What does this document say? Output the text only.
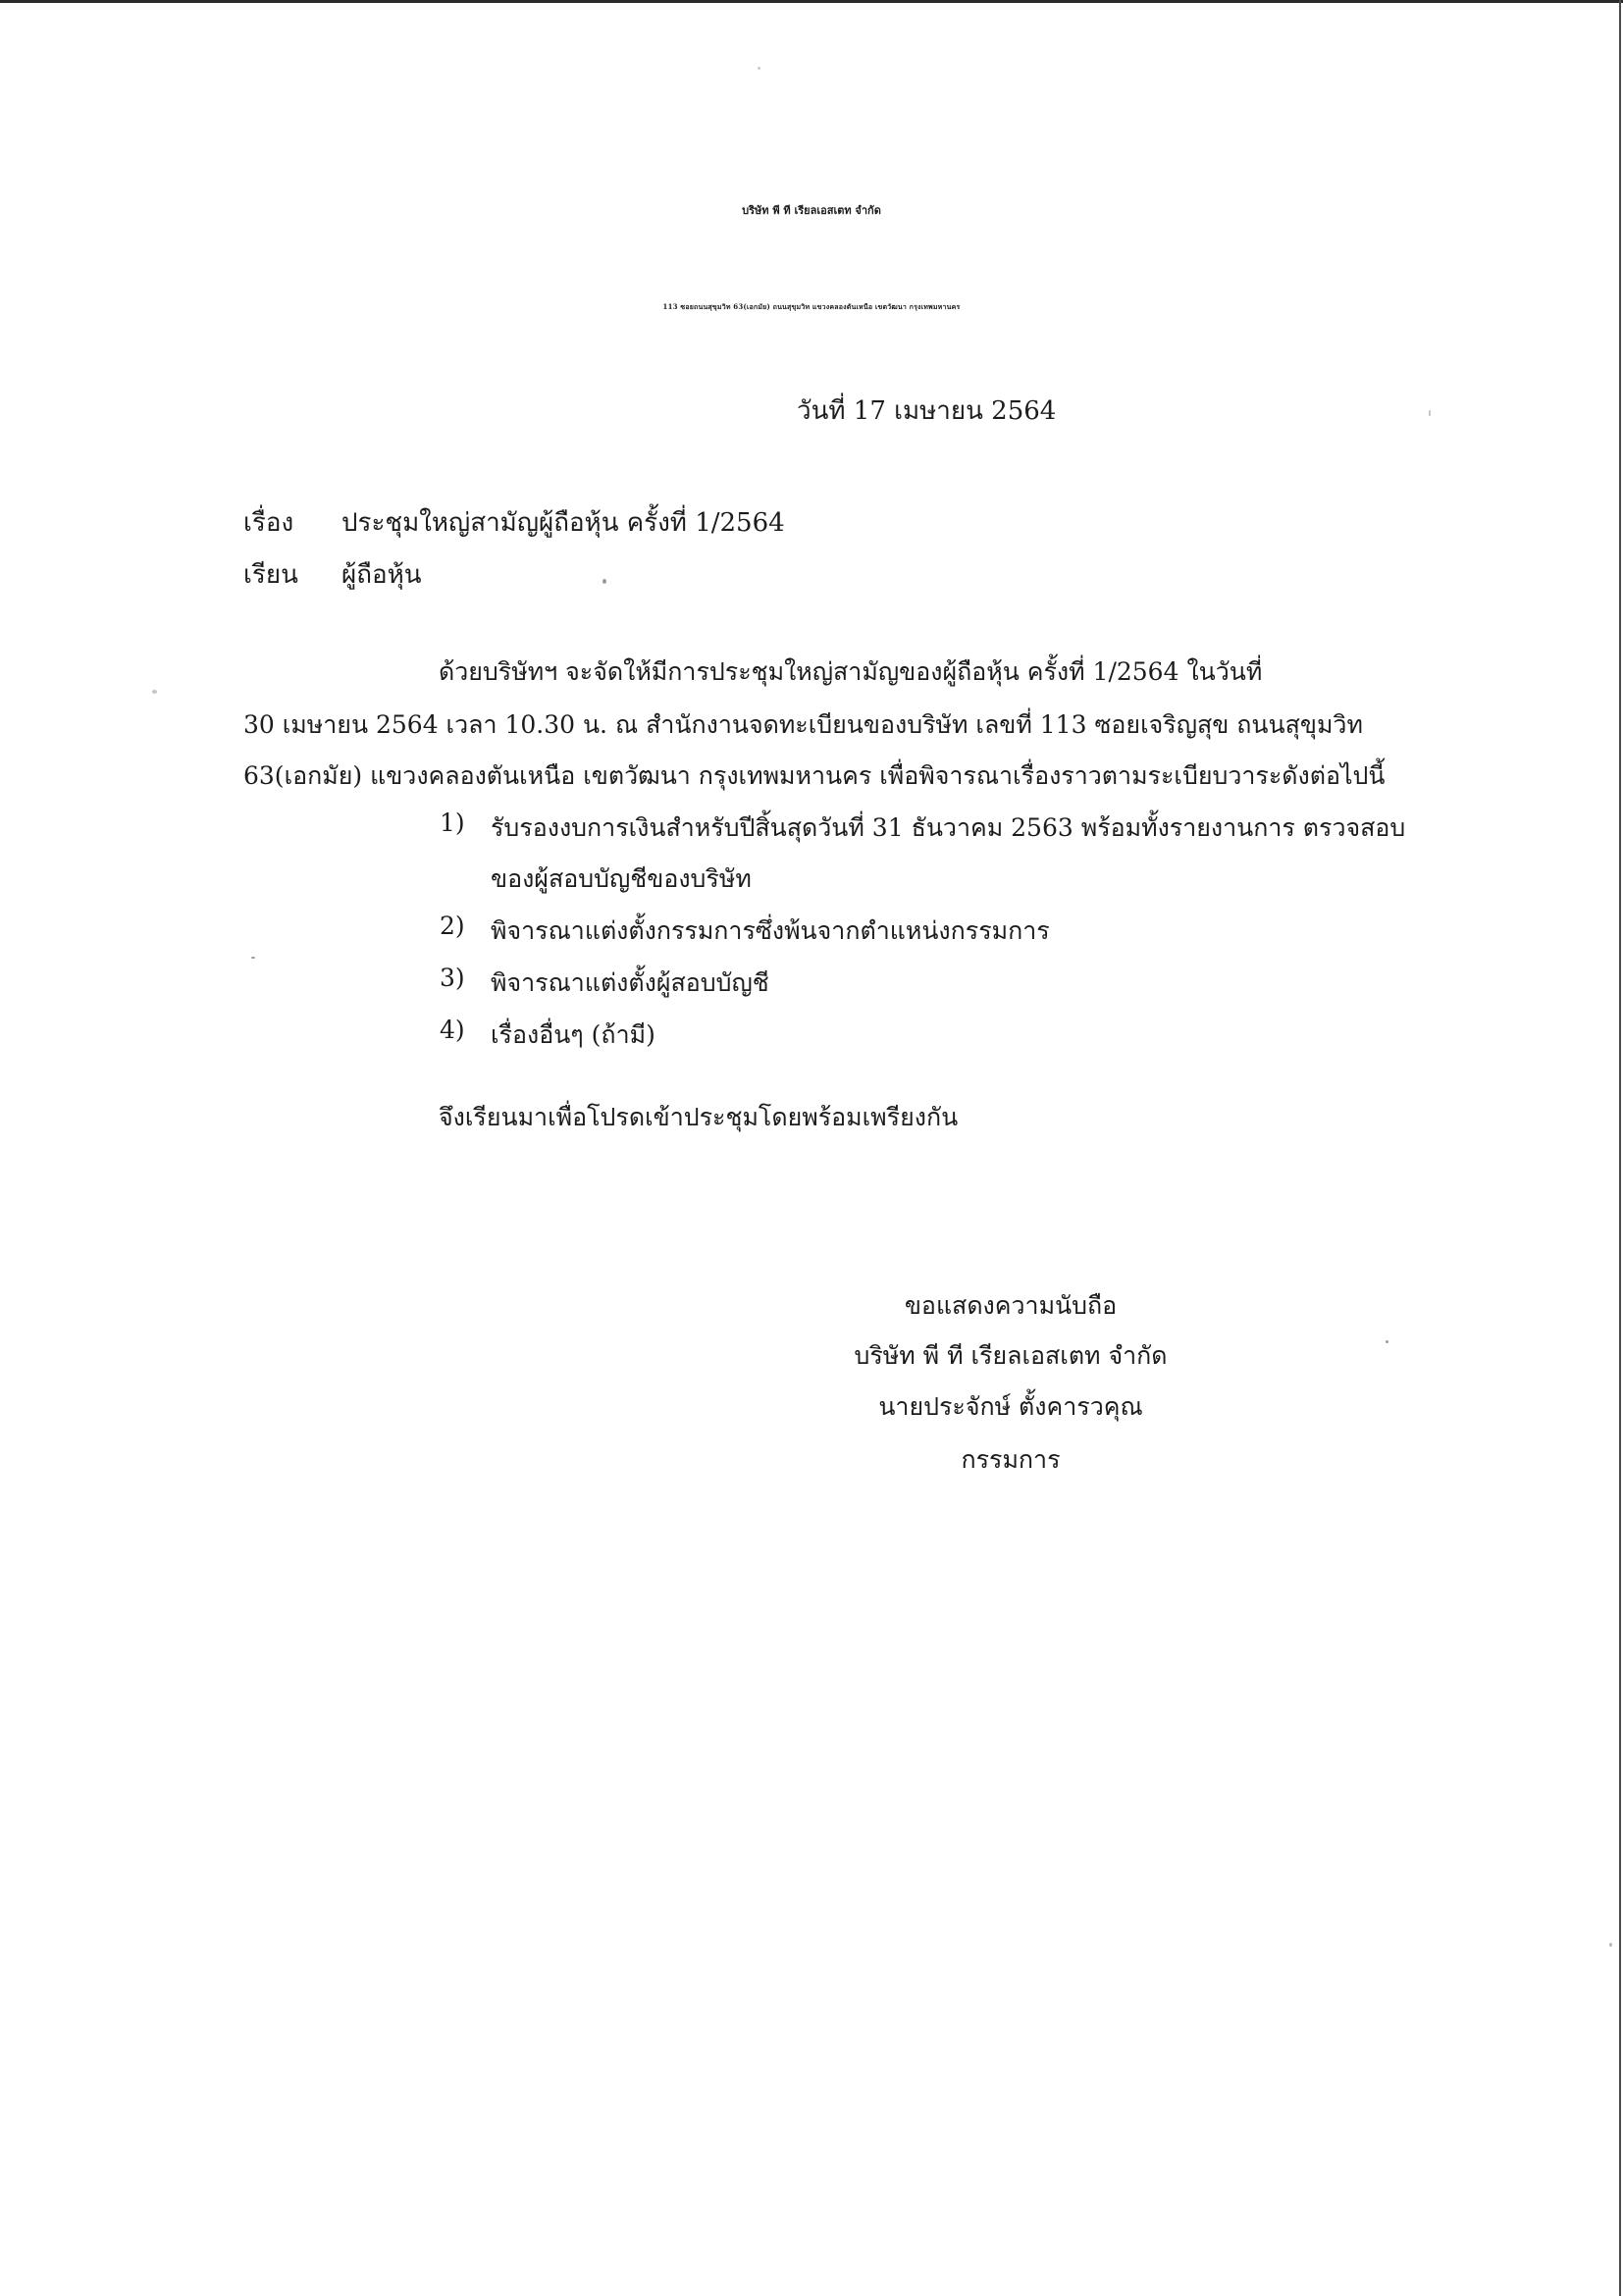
บริษัท พี ที เรียลเอสเตท จำกัด
113 ซอยถนนสุขุมวิท 63(เอกมัย) ถนนสุขุมวิท แขวงคลองตันเหนือ เขตวัฒนา กรุงเทพมหานคร
วันที่ 17 เมษายน 2564
เรื่อง ประชุมใหญ่สามัญผู้ถือหุ้น ครั้งที่ 1/2564
เรียน ผู้ถือหุ้น
ด้วยบริษัทฯ จะจัดให้มีการประชุมใหญ่สามัญของผู้ถือหุ้น ครั้งที่ 1/2564 ในวันที่
30 เมษายน 2564 เวลา 10.30 น. ณ สำนักงานจดทะเบียนของบริษัท เลขที่ 113 ซอยเจริญสุข ถนนสุขุมวิท
63(เอกมัย) แขวงคลองตันเหนือ เขตวัฒนา กรุงเทพมหานคร เพื่อพิจารณาเรื่องราวตามระเบียบวาระดังต่อไปนี้
1) รับรองงบการเงินสำหรับปีสิ้นสุดวันที่ 31 ธันวาคม 2563 พร้อมทั้งรายงานการ ตรวจสอบ
ของผู้สอบบัญชีของบริษัท
2) พิจารณาแต่งตั้งกรรมการซึ่งพ้นจากตำแหน่งกรรมการ
3) พิจารณาแต่งตั้งผู้สอบบัญชี
4) เรื่องอื่นๆ (ถ้ามี)
จึงเรียนมาเพื่อโปรดเข้าประชุมโดยพร้อมเพรียงกัน
ขอแสดงความนับถือ
บริษัท พี ที เรียลเอสเตท จำกัด
นายประจักษ์ ตั้งคารวคุณ
กรรมการ
